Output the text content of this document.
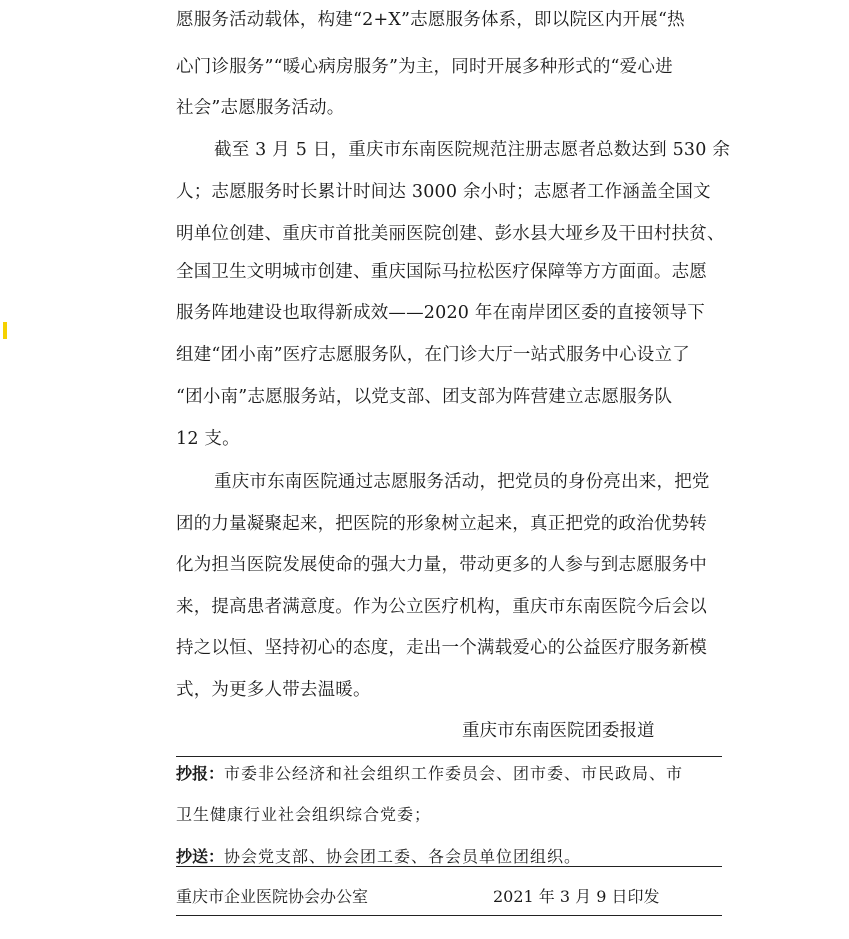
愿服务活动载体，构建“2+X”志愿服务体系，即以院区内开展“热
心门诊服务”“暖心病房服务”为主，同时开展多种形式的“爱心进
社会”志愿服务活动。
截至 3 月 5 日，重庆市东南医院规范注册志愿者总数达到 530 余
人；志愿服务时长累计时间达 3000 余小时；志愿者工作涵盖全国文
明单位创建、重庆市首批美丽医院创建、彭水县大垭乡及干田村扶贫、
全国卫生文明城市创建、重庆国际马拉松医疗保障等方方面面。志愿
服务阵地建设也取得新成效——2020 年在南岸团区委的直接领导下
组建“团小南”医疗志愿服务队，在门诊大厅一站式服务中心设立了
“团小南”志愿服务站，以党支部、团支部为阵营建立志愿服务队
12 支。
重庆市东南医院通过志愿服务活动，把党员的身份亮出来，把党
团的力量凝聚起来，把医院的形象树立起来，真正把党的政治优势转
化为担当医院发展使命的强大力量，带动更多的人参与到志愿服务中
来，提高患者满意度。作为公立医疗机构，重庆市东南医院今后会以
持之以恒、坚持初心的态度，走出一个满载爱心的公益医疗服务新模
式，为更多人带去温暖。
重庆市东南医院团委报道
抄报：市委非公经济和社会组织工作委员会、团市委、市民政局、市
卫生健康行业社会组织综合党委；
抄送：协会党支部、协会团工委、各会员单位团组织。
重庆市企业医院协会办公室	2021 年 3 月 9 日印发
